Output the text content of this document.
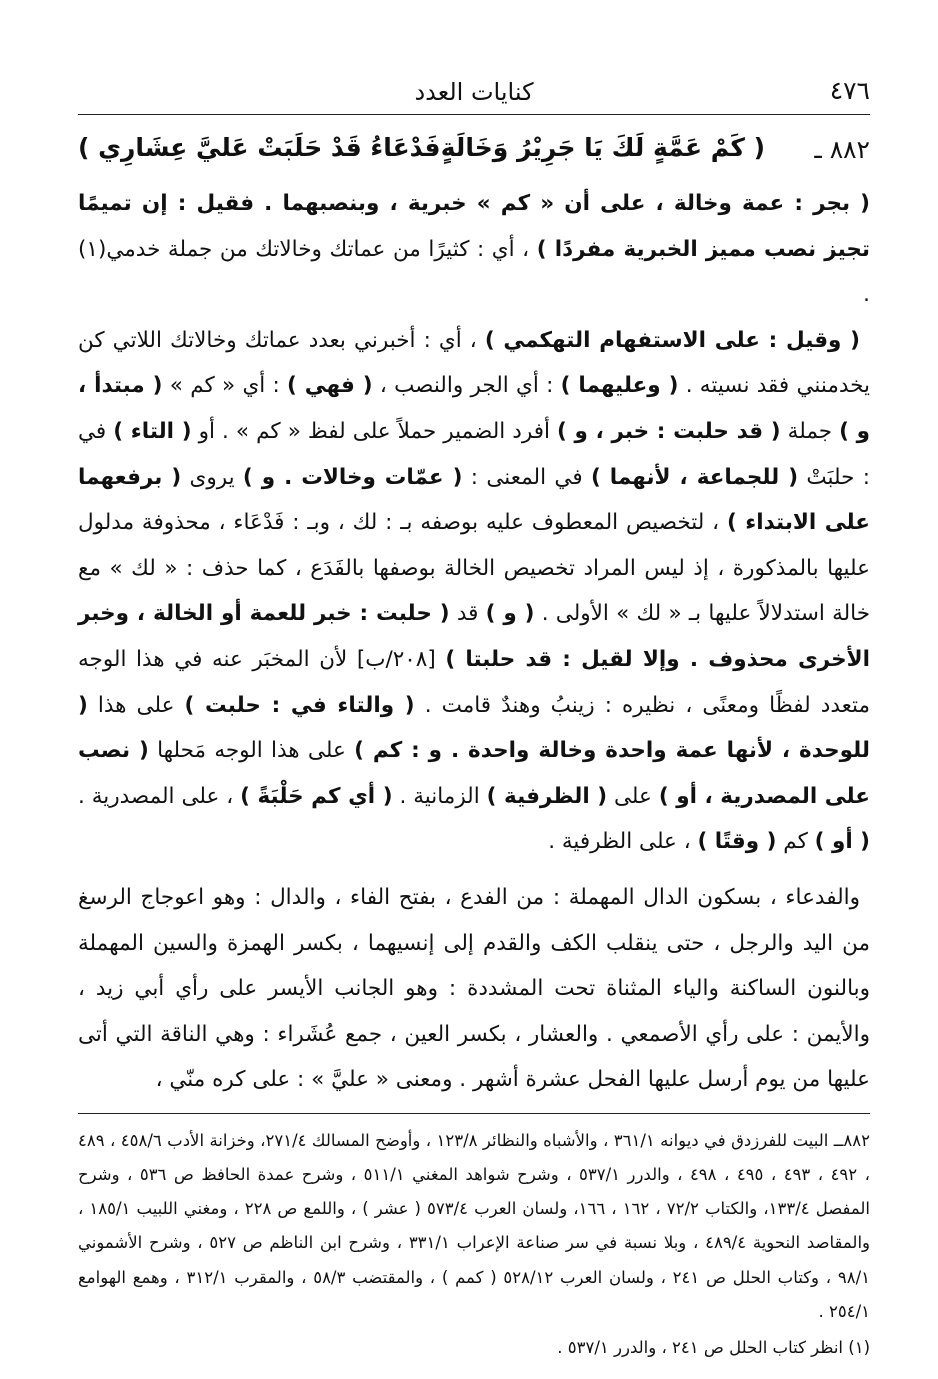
٤٧٦
كنايات العدد
٨٨٢ ـ
( كَمْ عَمَّةٍ لَكَ يَا جَرِيْرُ وَخَالَةٍ
فَدْعَاءُ قَدْ حَلَبَتْ عَليَّ عِشَارِي )

( بجر : عمة وخالة ، على أن « كم » خبرية ، وبنصبهما . فقيل : إن تميمًا تجيز نصب مميز الخبرية مفردًا ) ، أي : كثيرًا من عماتك وخالاتك من جملة خدمي(١) .

( وقيل : على الاستفهام التهكمي ) ، أي : أخبرني بعدد عماتك وخالاتك اللاتي كن يخدمنني فقد نسيته . ( وعليهما ) : أي الجر والنصب ، ( فهي ) : أي « كم » ( مبتدأ ، و ) جملة ( قد حلبت : خبر ، و ) أفرد الضمير حملاً على لفظ « كم » . أو ( التاء ) في : حلبَتْ ( للجماعة ، لأنهما ) في المعنى : ( عمّات وخالات . و ) يروى ( برفعهما على الابتداء ) ، لتخصيص المعطوف عليه بوصفه بـ : لك ، وبـ : فَدْعَاء ، محذوفة مدلول عليها بالمذكورة ، إذ ليس المراد تخصيص الخالة بوصفها بالفَدَع ، كما حذف : « لك » مع خالة استدلالاً عليها بـ « لك » الأولى . ( و ) قد ( حلبت : خبر للعمة أو الخالة ، وخبر الأخرى محذوف . وإلا لقيل : قد حلبتا ) [٢٠٨/ب] لأن المخبَر عنه في هذا الوجه متعدد لفظًا ومعنًى ، نظيره : زينبُ وهندٌ قامت . ( والتاء في : حلبت ) على هذا ( للوحدة ، لأنها عمة واحدة وخالة واحدة . و : كم ) على هذا الوجه مَحلها ( نصب على المصدرية ، أو ) على ( الظرفية ) الزمانية . ( أي كم حَلْبَةً ) ، على المصدرية . ( أو ) كم ( وقتًا ) ، على الظرفية .

والفدعاء ، بسكون الدال المهملة : من الفدع ، بفتح الفاء ، والدال : وهو اعوجاج الرسغ من اليد والرجل ، حتى ينقلب الكف والقدم إلى إنسيهما ، بكسر الهمزة والسين المهملة وبالنون الساكنة والياء المثناة تحت المشددة : وهو الجانب الأيسر على رأي أبي زيد ، والأيمن : على رأي الأصمعي . والعشار ، بكسر العين ، جمع عُشَراء : وهي الناقة التي أتى عليها من يوم أرسل عليها الفحل عشرة أشهر . ومعنى « عليَّ » : على كره منّي ،

٨٨٢ــ البيت للفرزدق في ديوانه ٣٦١/١ ، والأشباه والنظائر ١٢٣/٨ ، وأوضح المسالك ٢٧١/٤، وخزانة الأدب ٤٥٨/٦ ، ٤٨٩ ، ٤٩٢ ، ٤٩٣ ، ٤٩٥ ، ٤٩٨ ، والدرر ٥٣٧/١ ، وشرح شواهد المغني ٥١١/١ ، وشرح عمدة الحافظ ص ٥٣٦ ، وشرح المفصل ١٣٣/٤، والكتاب ٧٢/٢ ، ١٦٢ ، ١٦٦، ولسان العرب ٥٧٣/٤ ( عشر ) ، واللمع ص ٢٢٨ ، ومغني اللبيب ١٨٥/١ ، والمقاصد النحوية ٤٨٩/٤ ، وبلا نسبة في سر صناعة الإعراب ٣٣١/١ ، وشرح ابن الناظم ص ٥٢٧ ، وشرح الأشموني ٩٨/١ ، وكتاب الحلل ص ٢٤١ ، ولسان العرب ٥٢٨/١٢ ( كمم ) ، والمقتضب ٥٨/٣ ، والمقرب ٣١٢/١ ، وهمع الهوامع ٢٥٤/١ .

(١) انظر كتاب الحلل ص ٢٤١ ، والدرر ٥٣٧/١ .
